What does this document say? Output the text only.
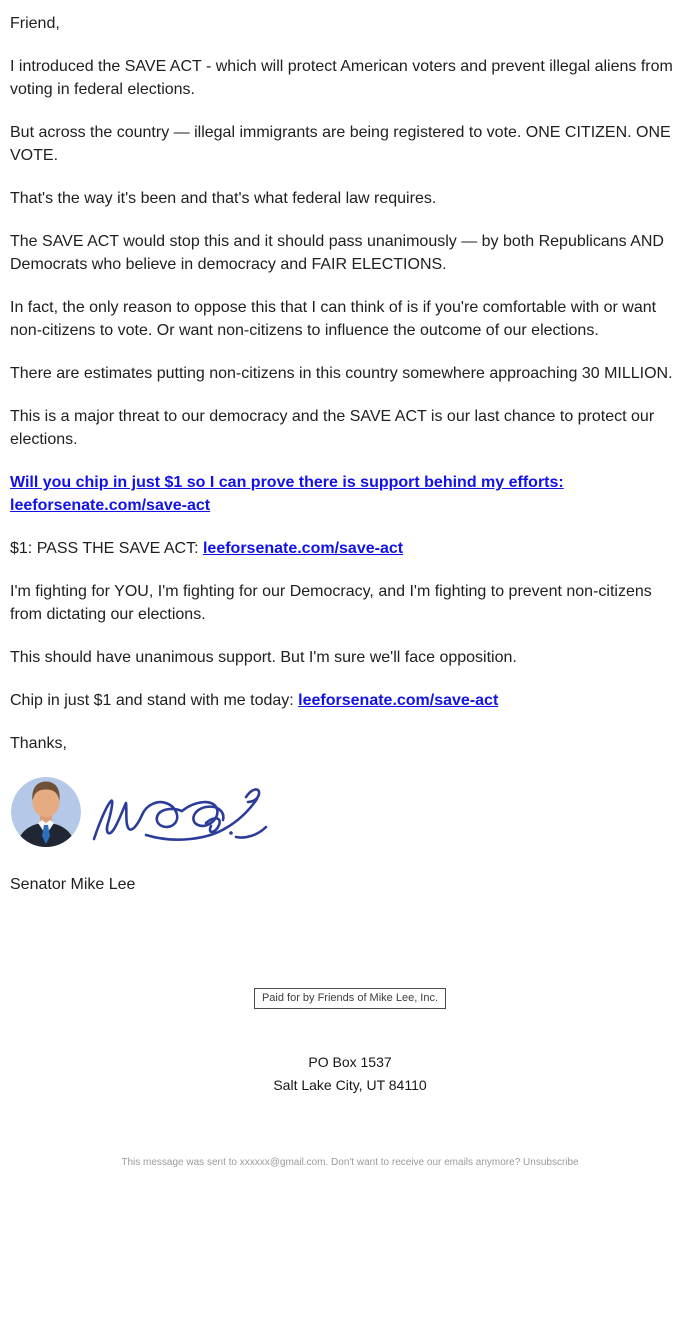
Friend,

I introduced the SAVE ACT - which will protect American voters and prevent illegal aliens from voting in federal elections.

But across the country — illegal immigrants are being registered to vote. ONE CITIZEN. ONE VOTE.

That's the way it's been and that's what federal law requires.

The SAVE ACT would stop this and it should pass unanimously — by both Republicans AND Democrats who believe in democracy and FAIR ELECTIONS.

In fact, the only reason to oppose this that I can think of is if you're comfortable with or want non-citizens to vote. Or want non-citizens to influence the outcome of our elections.

There are estimates putting non-citizens in this country somewhere approaching 30 MILLION.

This is a major threat to our democracy and the SAVE ACT is our last chance to protect our elections.

Will you chip in just $1 so I can prove there is support behind my efforts: leeforsenate.com/save-act

$1: PASS THE SAVE ACT: leeforsenate.com/save-act

I'm fighting for YOU, I'm fighting for our Democracy, and I'm fighting to prevent non-citizens from dictating our elections.

This should have unanimous support. But I'm sure we'll face opposition.

Chip in just $1 and stand with me today: leeforsenate.com/save-act

Thanks,

Senator Mike Lee

Paid for by Friends of Mike Lee, Inc.

PO Box 1537

Salt Lake City, UT 84110

This message was sent to xxxxxx@gmail.com. Don't want to receive our emails anymore? Unsubscribe
